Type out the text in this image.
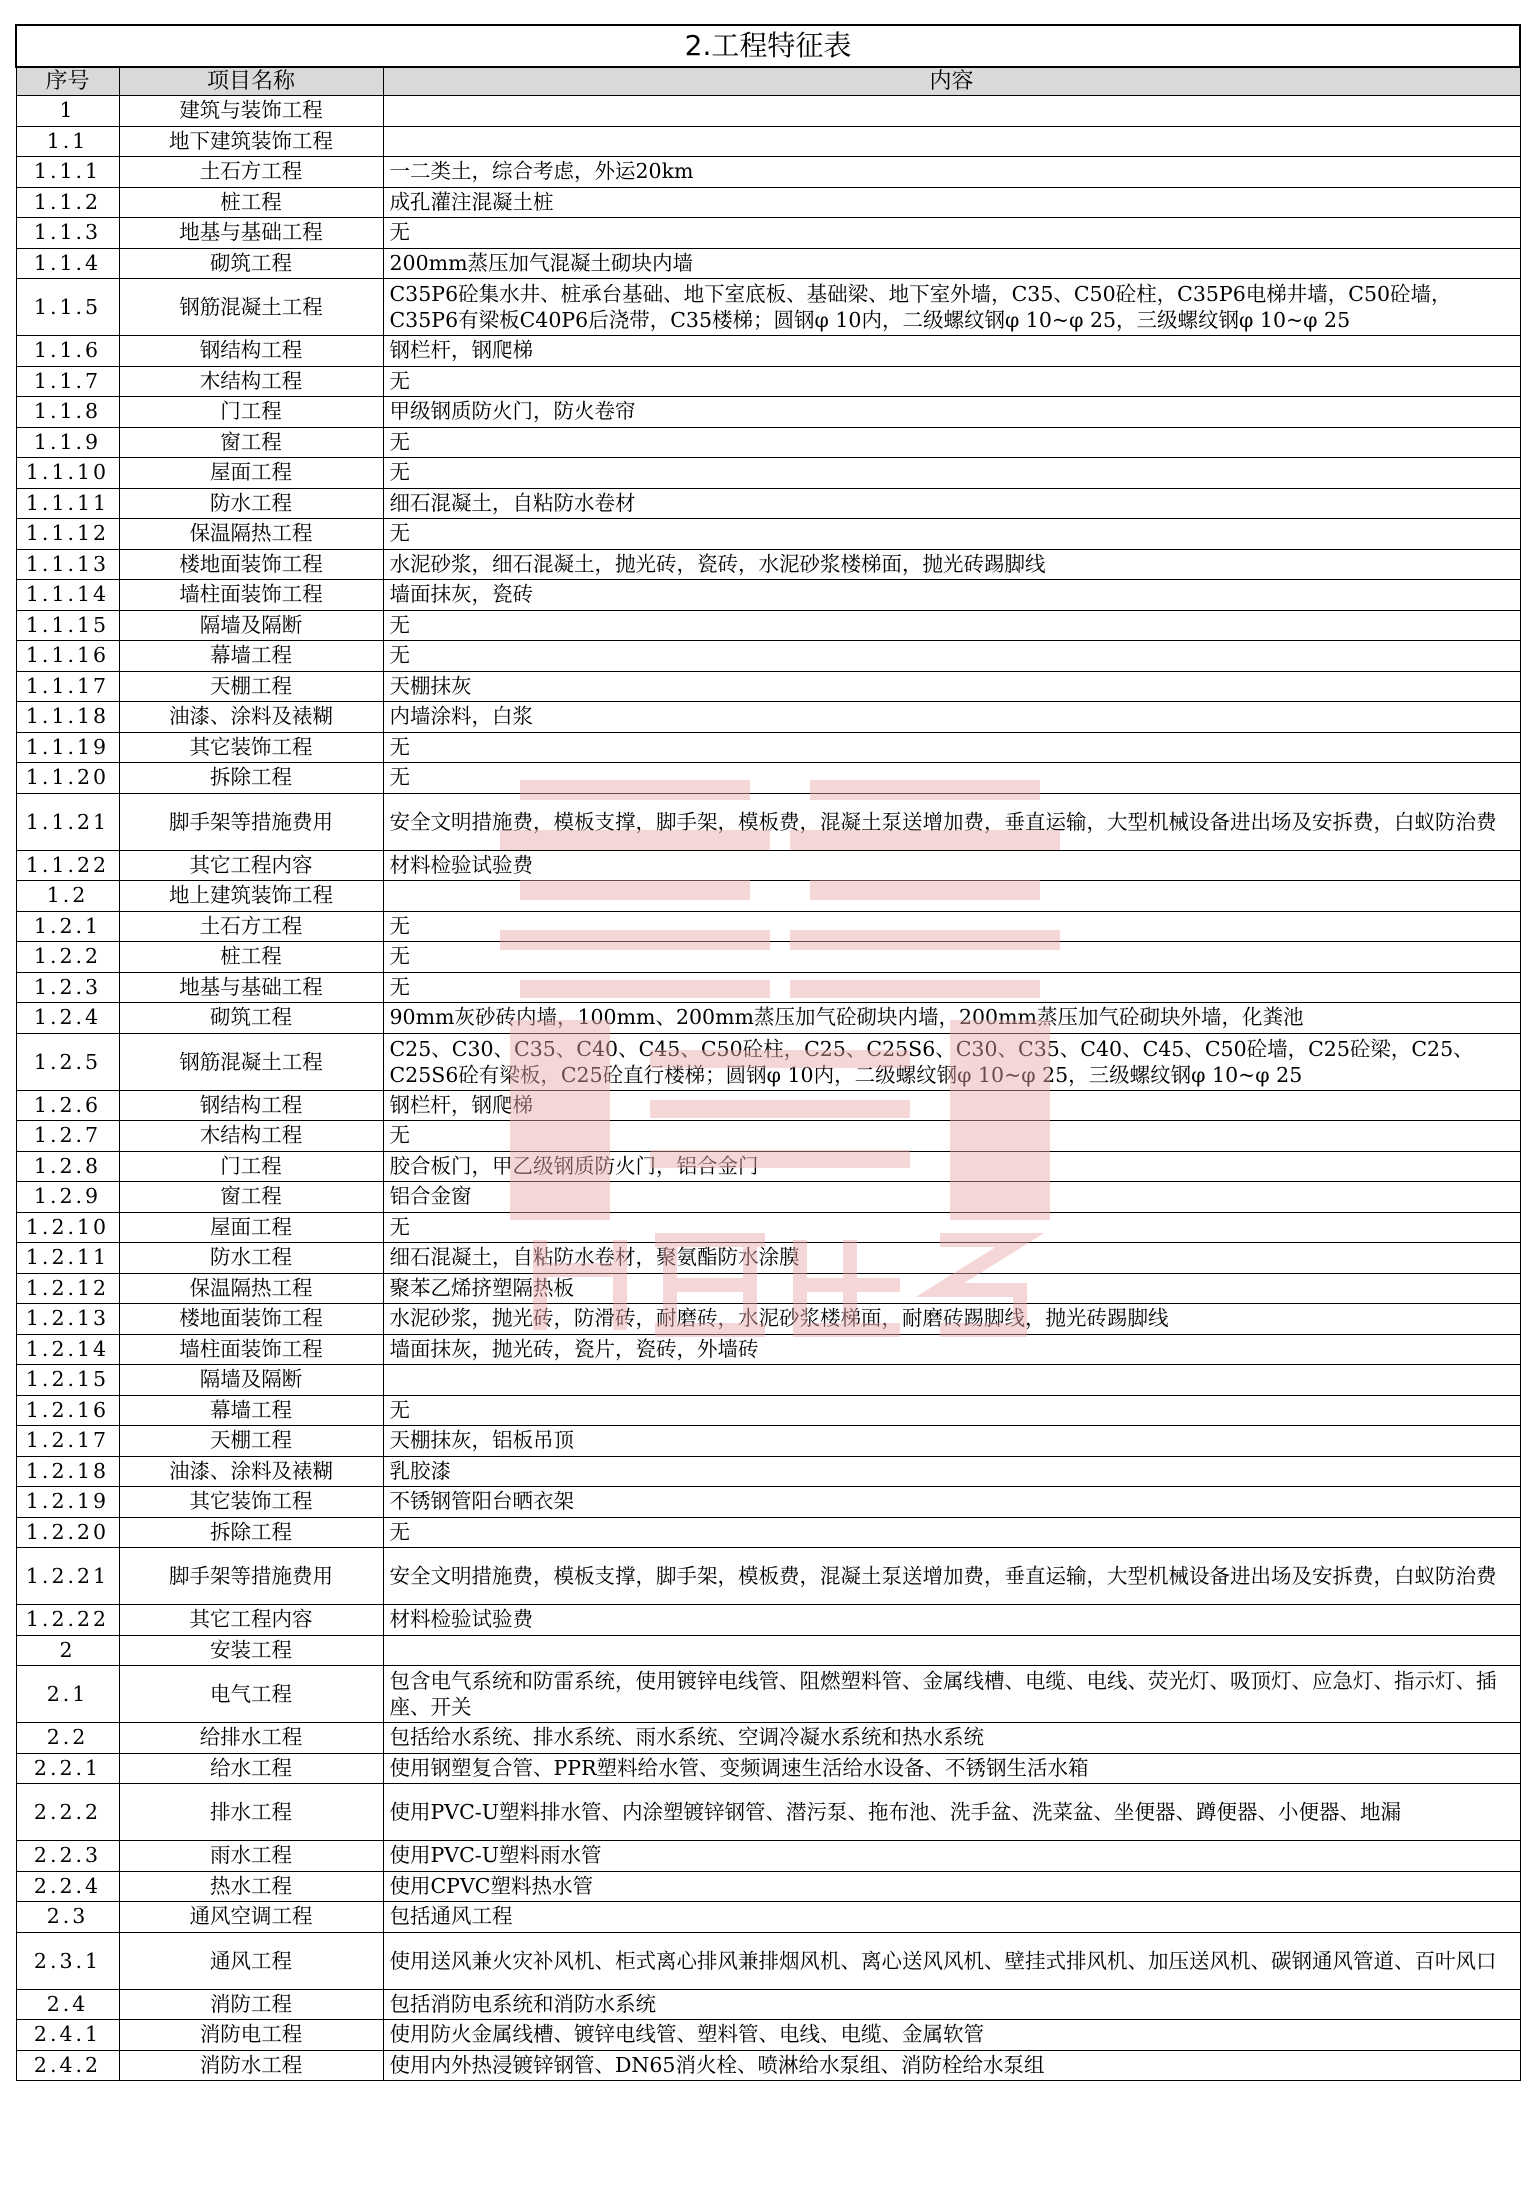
2.工程特征表		
序号	项目名称	内容
1	建筑与装饰工程	
1.1	地下建筑装饰工程	
1.1.1	土石方工程	一二类土，综合考虑，外运20km
1.1.2	桩工程	成孔灌注混凝土桩
1.1.3	地基与基础工程	无
1.1.4	砌筑工程	200mm蒸压加气混凝土砌块内墙
1.1.5	钢筋混凝土工程	C35P6砼集水井、桩承台基础、地下室底板、基础梁、地下室外墙，C35、C50砼柱，C35P6电梯井墙，C50砼墙，C35P6有梁板C40P6后浇带，C35楼梯；圆钢φ 10内，二级螺纹钢φ 10~φ 25，三级螺纹钢φ 10~φ 25
1.1.6	钢结构工程	钢栏杆，钢爬梯
1.1.7	木结构工程	无
1.1.8	门工程	甲级钢质防火门，防火卷帘
1.1.9	窗工程	无
1.1.10	屋面工程	无
1.1.11	防水工程	细石混凝土，自粘防水卷材
1.1.12	保温隔热工程	无
1.1.13	楼地面装饰工程	水泥砂浆，细石混凝土，抛光砖，瓷砖，水泥砂浆楼梯面，抛光砖踢脚线
1.1.14	墙柱面装饰工程	墙面抹灰，瓷砖
1.1.15	隔墙及隔断	无
1.1.16	幕墙工程	无
1.1.17	天棚工程	天棚抹灰
1.1.18	油漆、涂料及裱糊	内墙涂料，白浆
1.1.19	其它装饰工程	无
1.1.20	拆除工程	无
1.1.21	脚手架等措施费用	安全文明措施费，模板支撑，脚手架，模板费，混凝土泵送增加费，垂直运输，大型机械设备进出场及安拆费，白蚁防治费
1.1.22	其它工程内容	材料检验试验费
1.2	地上建筑装饰工程	
1.2.1	土石方工程	无
1.2.2	桩工程	无
1.2.3	地基与基础工程	无
1.2.4	砌筑工程	90mm灰砂砖内墙，100mm、200mm蒸压加气砼砌块内墙，200mm蒸压加气砼砌块外墙，化粪池
1.2.5	钢筋混凝土工程	C25、C30、C35、C40、C45、C50砼柱，C25、C25S6、C30、C35、C40、C45、C50砼墙，C25砼梁，C25、C25S6砼有梁板，C25砼直行楼梯；圆钢φ 10内，二级螺纹钢φ 10~φ 25，三级螺纹钢φ 10~φ 25
1.2.6	钢结构工程	钢栏杆，钢爬梯
1.2.7	木结构工程	无
1.2.8	门工程	胶合板门，甲乙级钢质防火门，铝合金门
1.2.9	窗工程	铝合金窗
1.2.10	屋面工程	无
1.2.11	防水工程	细石混凝土，自粘防水卷材，聚氨酯防水涂膜
1.2.12	保温隔热工程	聚苯乙烯挤塑隔热板
1.2.13	楼地面装饰工程	水泥砂浆，抛光砖，防滑砖，耐磨砖，水泥砂浆楼梯面，耐磨砖踢脚线，抛光砖踢脚线
1.2.14	墙柱面装饰工程	墙面抹灰，抛光砖，瓷片，瓷砖，外墙砖
1.2.15	隔墙及隔断	
1.2.16	幕墙工程	无
1.2.17	天棚工程	天棚抹灰，铝板吊顶
1.2.18	油漆、涂料及裱糊	乳胶漆
1.2.19	其它装饰工程	不锈钢管阳台晒衣架
1.2.20	拆除工程	无
1.2.21	脚手架等措施费用	安全文明措施费，模板支撑，脚手架，模板费，混凝土泵送增加费，垂直运输，大型机械设备进出场及安拆费，白蚁防治费
1.2.22	其它工程内容	材料检验试验费
2	安装工程	
2.1	电气工程	包含电气系统和防雷系统，使用镀锌电线管、阻燃塑料管、金属线槽、电缆、电线、荧光灯、吸顶灯、应急灯、指示灯、插座、开关
2.2	给排水工程	包括给水系统、排水系统、雨水系统、空调冷凝水系统和热水系统
2.2.1	给水工程	使用钢塑复合管、PPR塑料给水管、变频调速生活给水设备、不锈钢生活水箱
2.2.2	排水工程	使用PVC-U塑料排水管、内涂塑镀锌钢管、潜污泵、拖布池、洗手盆、洗菜盆、坐便器、蹲便器、小便器、地漏
2.2.3	雨水工程	使用PVC-U塑料雨水管
2.2.4	热水工程	使用CPVC塑料热水管
2.3	通风空调工程	包括通风工程
2.3.1	通风工程	使用送风兼火灾补风机、柜式离心排风兼排烟风机、离心送风风机、壁挂式排风机、加压送风机、碳钢通风管道、百叶风口
2.4	消防工程	包括消防电系统和消防水系统
2.4.1	消防电工程	使用防火金属线槽、镀锌电线管、塑料管、电线、电缆、金属软管
2.4.2	消防水工程	使用内外热浸镀锌钢管、DN65消火栓、喷淋给水泵组、消防栓给水泵组
